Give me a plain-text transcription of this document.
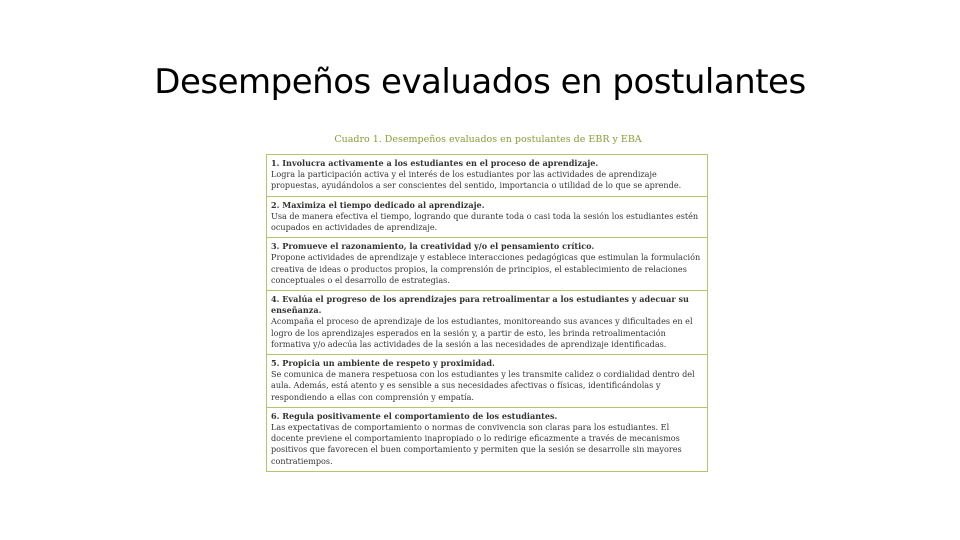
Desempeños evaluados en postulantes
Cuadro 1. Desempeños evaluados en postulantes de EBR y EBA
1. Involucra activamente a los estudiantes en el proceso de aprendizaje.
Logra la participación activa y el interés de los estudiantes por las actividades de aprendizaje propuestas, ayudándolos a ser conscientes del sentido, importancia o utilidad de lo que se aprende.
2. Maximiza el tiempo dedicado al aprendizaje.
Usa de manera efectiva el tiempo, logrando que durante toda o casi toda la sesión los estudiantes estén ocupados en actividades de aprendizaje.
3. Promueve el razonamiento, la creatividad y/o el pensamiento crítico.
Propone actividades de aprendizaje y establece interacciones pedagógicas que estimulan la formulación creativa de ideas o productos propios, la comprensión de principios, el establecimiento de relaciones conceptuales o el desarrollo de estrategias.
4. Evalúa el progreso de los aprendizajes para retroalimentar a los estudiantes y adecuar su enseñanza.
Acompaña el proceso de aprendizaje de los estudiantes, monitoreando sus avances y dificultades en el logro de los aprendizajes esperados en la sesión y, a partir de esto, les brinda retroalimentación formativa y/o adecúa las actividades de la sesión a las necesidades de aprendizaje identificadas.
5. Propicia un ambiente de respeto y proximidad.
Se comunica de manera respetuosa con los estudiantes y les transmite calidez o cordialidad dentro del aula. Además, está atento y es sensible a sus necesidades afectivas o físicas, identificándolas y respondiendo a ellas con comprensión y empatía.
6. Regula positivamente el comportamiento de los estudiantes.
Las expectativas de comportamiento o normas de convivencia son claras para los estudiantes. El docente previene el comportamiento inapropiado o lo redirige eficazmente a través de mecanismos positivos que favorecen el buen comportamiento y permiten que la sesión se desarrolle sin mayores contratiempos.
